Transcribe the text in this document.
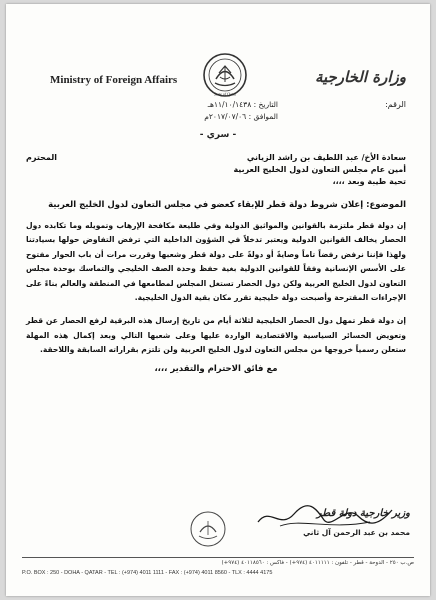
Ministry of Foreign Affairs
State of Qatar
وزارة الخارجية
الرقم:
التاريخ : ١١/١٠/١٤٣٨هـ
الموافق : ٢٠١٧/٠٧/٠٦م
- سري -
سعادة الأخ/ عبد اللطيف بن راشد الزياني
المحترم
أمين عام مجلس التعاون لدول الخليج العربية
تحية طيبة وبعد ،،،،
الموضوع: إعلان شروط دولة قطر للإبقاء كعضو في مجلس التعاون لدول الخليج العربية
إن دولة قطر ملتزمة بالقوانين والمواثيق الدولية وفي طليعة مكافحة الإرهاب وتمويله وما تكابده دول الحصار يخالف القوانين الدولية ويعتبر تدخلاً في الشؤون الداخلية التي ترفض التفاوض حولها بسيادتنا ولهذا فإننا نرفض رفضاً تاماً وصايةً أو دولةً على دولة قطر وشعبها وقررت مرات أن باب الحوار مفتوح على الأسس الإنسانية وفقاً للقوانين الدولية بغية حفظ وحدة الصف الخليجي والتماسك بوحدة مجلس التعاون لدول الخليج العربية ولكن دول الحصار تستغل المجلس لمطامعها في المنطقة والعالم بناءً على الإجراءات المقترحة وأصبحت دولة خليجية تقرر مكان بقية الدول الخليجية.
إن دولة قطر تمهل دول الحصار الخليجية لثلاثة أيام من تاريخ إرسال هذه البرقية لرفع الحصار عن قطر وتعويض الخسائر السياسية والاقتصادية الواردة عليها وعلى شعبها التالي وبعد إكمال هذه المهلة ستعلن رسمياً خروجها من مجلس التعاون لدول الخليج العربية ولن تلتزم بقراراته السابقة واللاحقة.
مع فائق الاحترام والتقدير ،،،،
وزير خارجية دولة قطر
محمد بن عبد الرحمن آل ثاني
ص.ب ٢٥٠ - الدوحة - قطر - تلفون : ٤٠١١١١١ (٩٧٤+) - فاكس : ٤٠١١٨٥٦٠ (٩٧٤+)
P.O. BOX : 250 - DOHA - QATAR - TEL : (+974) 4011 1111 - FAX : (+974) 4011 8560 - TLX : 4444 4175
